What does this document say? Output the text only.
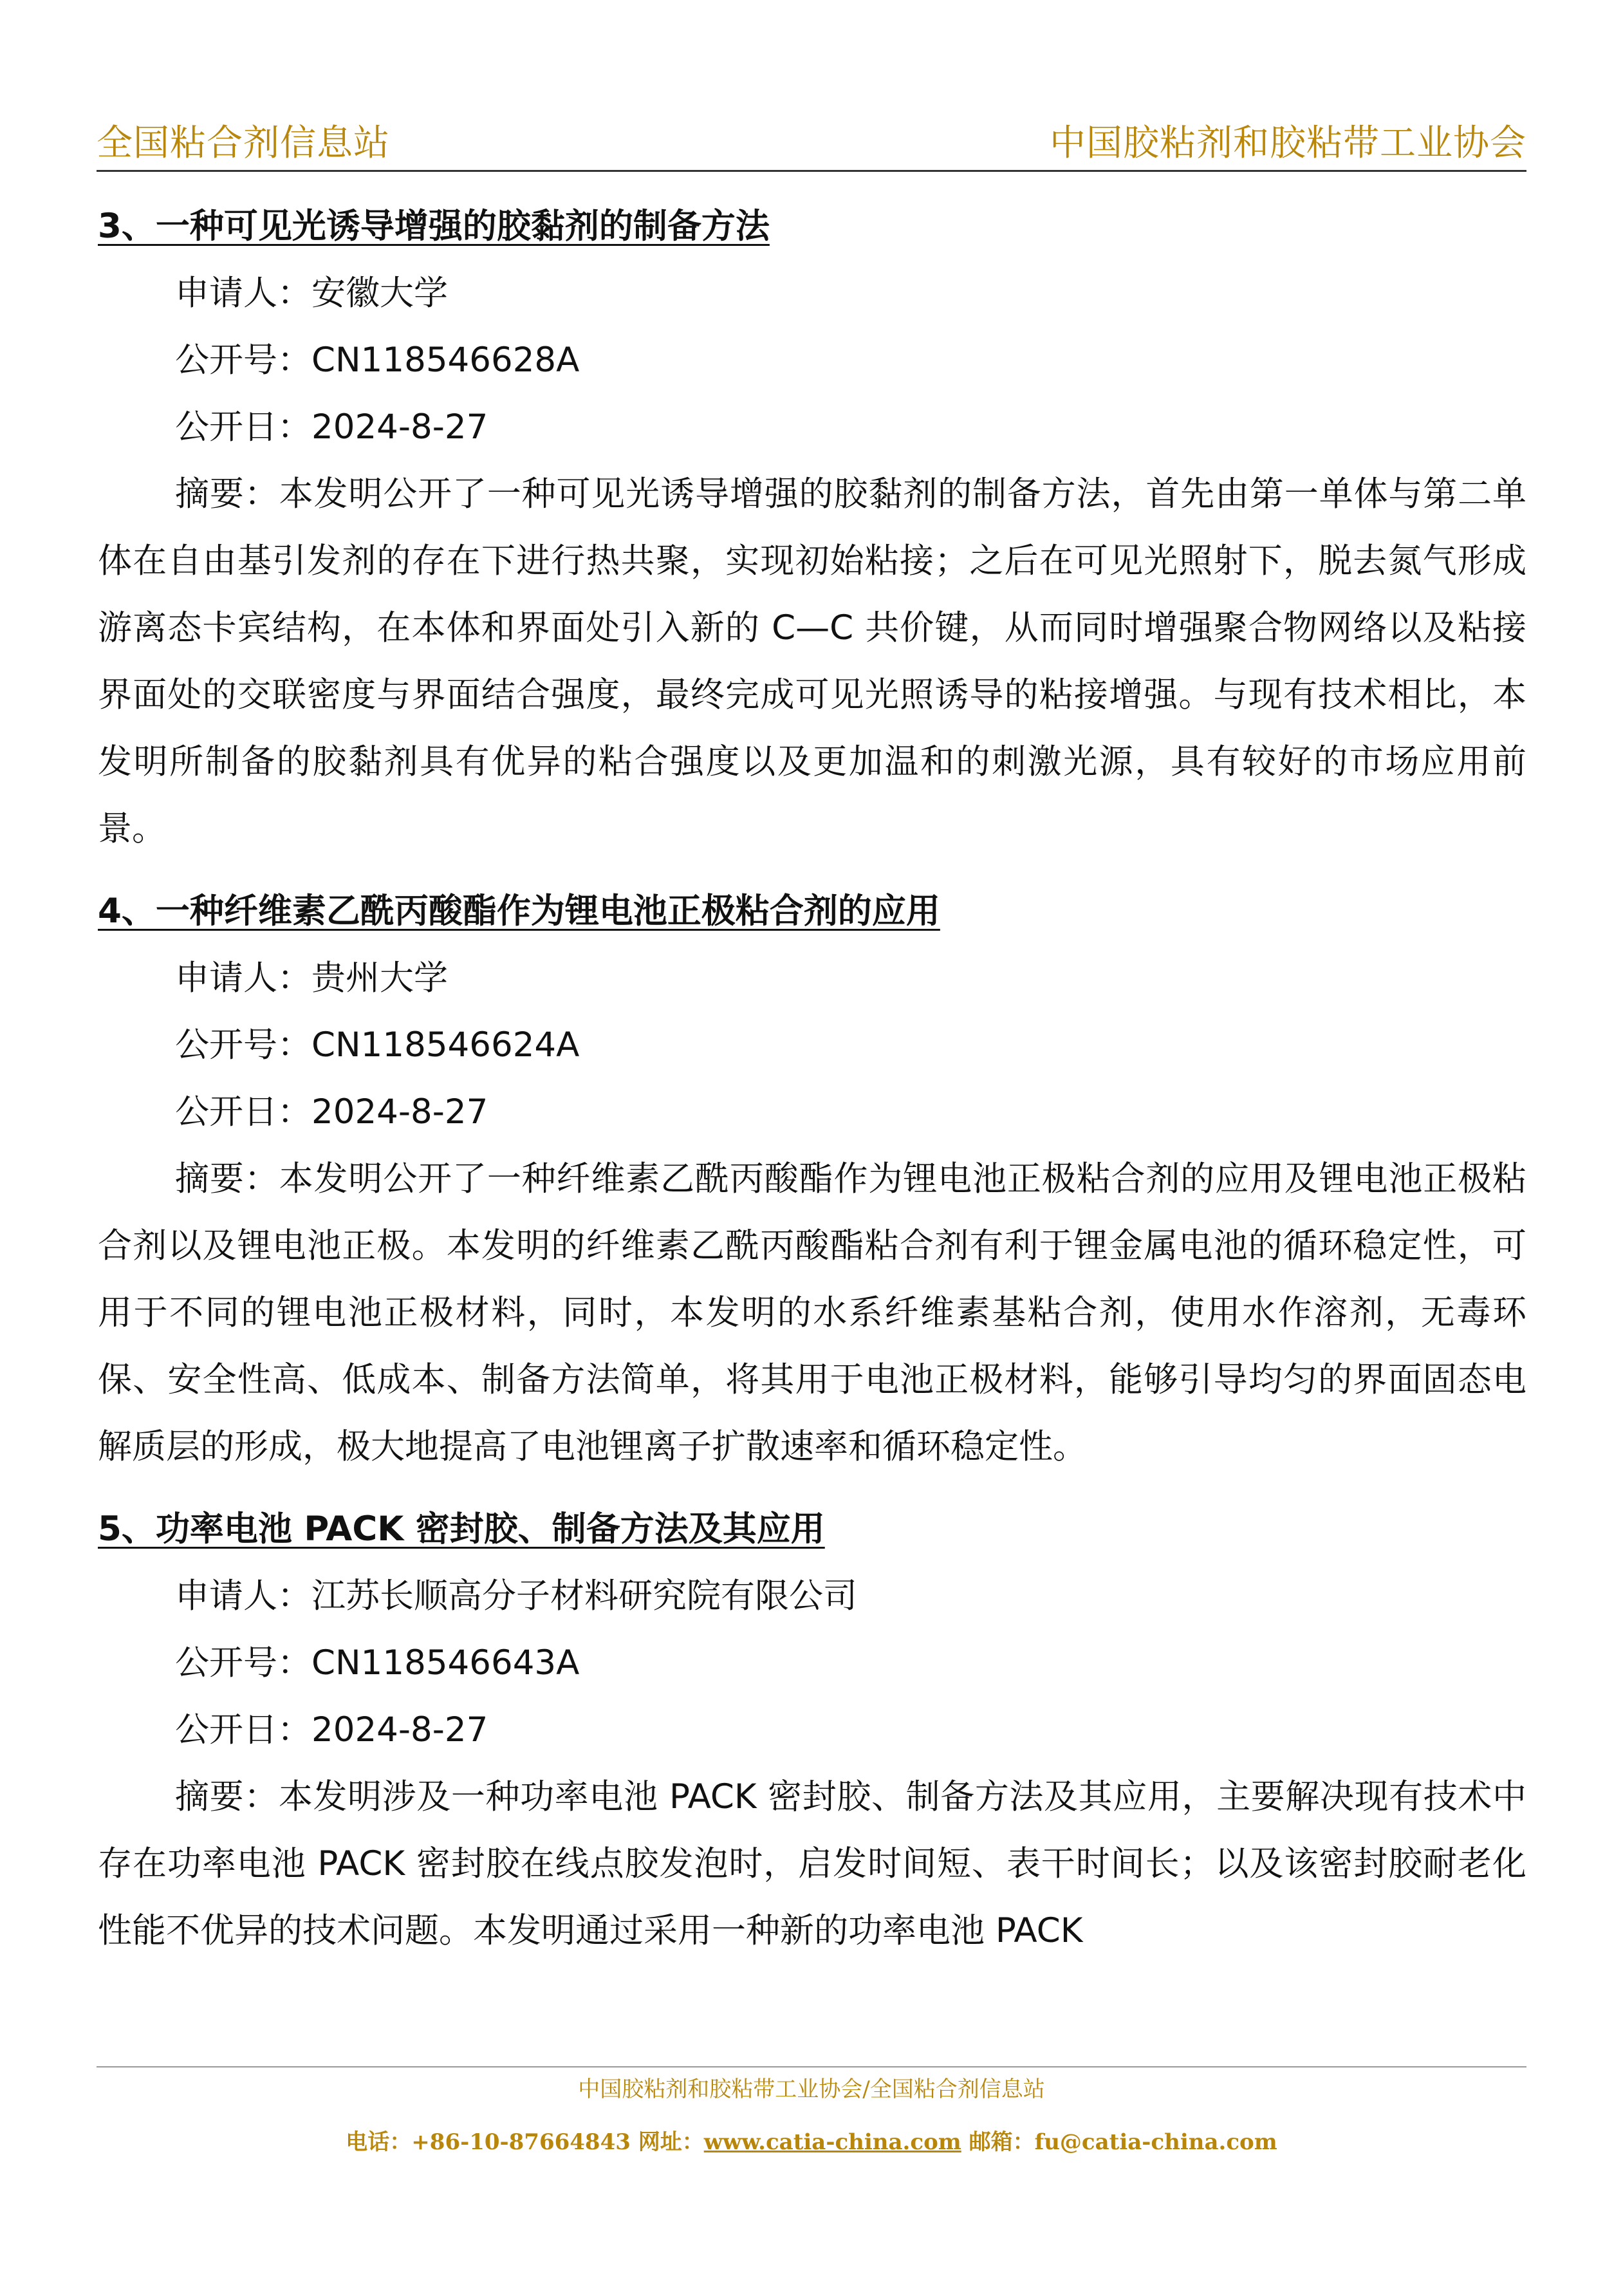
全国粘合剂信息站	中国胶粘剂和胶粘带工业协会

3、一种可见光诱导增强的胶黏剂的制备方法

申请人：安徽大学

公开号：CN118546628A

公开日：2024-8-27

摘要：本发明公开了一种可见光诱导增强的胶黏剂的制备方法，首先由第一单体与第二单体在自由基引发剂的存在下进行热共聚，实现初始粘接；之后在可见光照射下，脱去氮气形成游离态卡宾结构，在本体和界面处引入新的 C—C 共价键，从而同时增强聚合物网络以及粘接界面处的交联密度与界面结合强度，最终完成可见光照诱导的粘接增强。与现有技术相比，本发明所制备的胶黏剂具有优异的粘合强度以及更加温和的刺激光源，具有较好的市场应用前景。

4、一种纤维素乙酰丙酸酯作为锂电池正极粘合剂的应用

申请人：贵州大学

公开号：CN118546624A

公开日：2024-8-27

摘要：本发明公开了一种纤维素乙酰丙酸酯作为锂电池正极粘合剂的应用及锂电池正极粘合剂以及锂电池正极。本发明的纤维素乙酰丙酸酯粘合剂有利于锂金属电池的循环稳定性，可用于不同的锂电池正极材料，同时，本发明的水系纤维素基粘合剂，使用水作溶剂，无毒环保、安全性高、低成本、制备方法简单，将其用于电池正极材料，能够引导均匀的界面固态电解质层的形成，极大地提高了电池锂离子扩散速率和循环稳定性。

5、功率电池 PACK 密封胶、制备方法及其应用

申请人：江苏长顺高分子材料研究院有限公司

公开号：CN118546643A

公开日：2024-8-27

摘要：本发明涉及一种功率电池 PACK 密封胶、制备方法及其应用，主要解决现有技术中存在功率电池 PACK 密封胶在线点胶发泡时，启发时间短、表干时间长；以及该密封胶耐老化性能不优异的技术问题。本发明通过采用一种新的功率电池 PACK

中国胶粘剂和胶粘带工业协会/全国粘合剂信息站
电话：+86-10-87664843 网址：www.catia-china.com 邮箱：fu@catia-china.com
